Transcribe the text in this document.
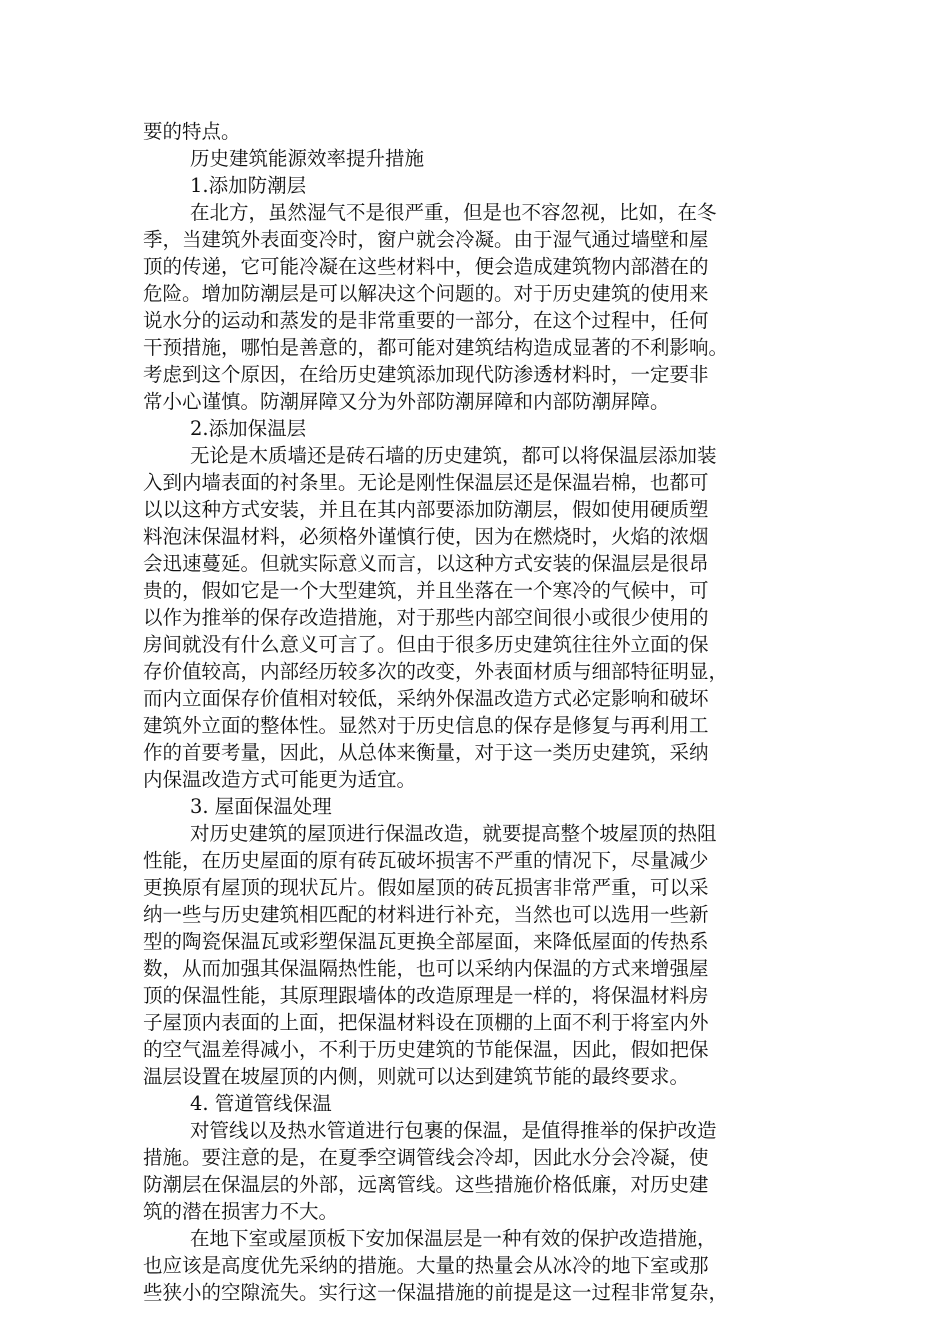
要的特点。
历史建筑能源效率提升措施
1.添加防潮层
在北方，虽然湿气不是很严重，但是也不容忽视，比如，在冬
季，当建筑外表面变冷时，窗户就会冷凝。由于湿气通过墙壁和屋
顶的传递，它可能冷凝在这些材料中，便会造成建筑物内部潜在的
危险。增加防潮层是可以解决这个问题的。对于历史建筑的使用来
说水分的运动和蒸发的是非常重要的一部分，在这个过程中，任何
干预措施，哪怕是善意的，都可能对建筑结构造成显著的不利影响。
考虑到这个原因，在给历史建筑添加现代防渗透材料时，一定要非
常小心谨慎。防潮屏障又分为外部防潮屏障和内部防潮屏障。
2.添加保温层
无论是木质墙还是砖石墙的历史建筑，都可以将保温层添加装
入到内墙表面的衬条里。无论是刚性保温层还是保温岩棉，也都可
以以这种方式安装，并且在其内部要添加防潮层，假如使用硬质塑
料泡沫保温材料，必须格外谨慎行使，因为在燃烧时，火焰的浓烟
会迅速蔓延。但就实际意义而言，以这种方式安装的保温层是很昂
贵的，假如它是一个大型建筑，并且坐落在一个寒冷的气候中，可
以作为推举的保存改造措施，对于那些内部空间很小或很少使用的
房间就没有什么意义可言了。但由于很多历史建筑往往外立面的保
存价值较高，内部经历较多次的改变，外表面材质与细部特征明显，
而内立面保存价值相对较低，采纳外保温改造方式必定影响和破坏
建筑外立面的整体性。显然对于历史信息的保存是修复与再利用工
作的首要考量，因此，从总体来衡量，对于这一类历史建筑，采纳
内保温改造方式可能更为适宜。
3. 屋面保温处理
对历史建筑的屋顶进行保温改造，就要提高整个坡屋顶的热阻
性能，在历史屋面的原有砖瓦破坏损害不严重的情况下，尽量减少
更换原有屋顶的现状瓦片。假如屋顶的砖瓦损害非常严重，可以采
纳一些与历史建筑相匹配的材料进行补充，当然也可以选用一些新
型的陶瓷保温瓦或彩塑保温瓦更换全部屋面，来降低屋面的传热系
数，从而加强其保温隔热性能，也可以采纳内保温的方式来增强屋
顶的保温性能，其原理跟墙体的改造原理是一样的，将保温材料房
子屋顶内表面的上面，把保温材料设在顶棚的上面不利于将室内外
的空气温差得减小，不利于历史建筑的节能保温，因此，假如把保
温层设置在坡屋顶的内侧，则就可以达到建筑节能的最终要求。
4. 管道管线保温
对管线以及热水管道进行包裹的保温，是值得推举的保护改造
措施。要注意的是，在夏季空调管线会冷却，因此水分会冷凝，使
防潮层在保温层的外部，远离管线。这些措施价格低廉，对历史建
筑的潜在损害力不大。
在地下室或屋顶板下安加保温层是一种有效的保护改造措施，
也应该是高度优先采纳的措施。大量的热量会从冰冷的地下室或那
些狭小的空隙流失。实行这一保温措施的前提是这一过程非常复杂，
